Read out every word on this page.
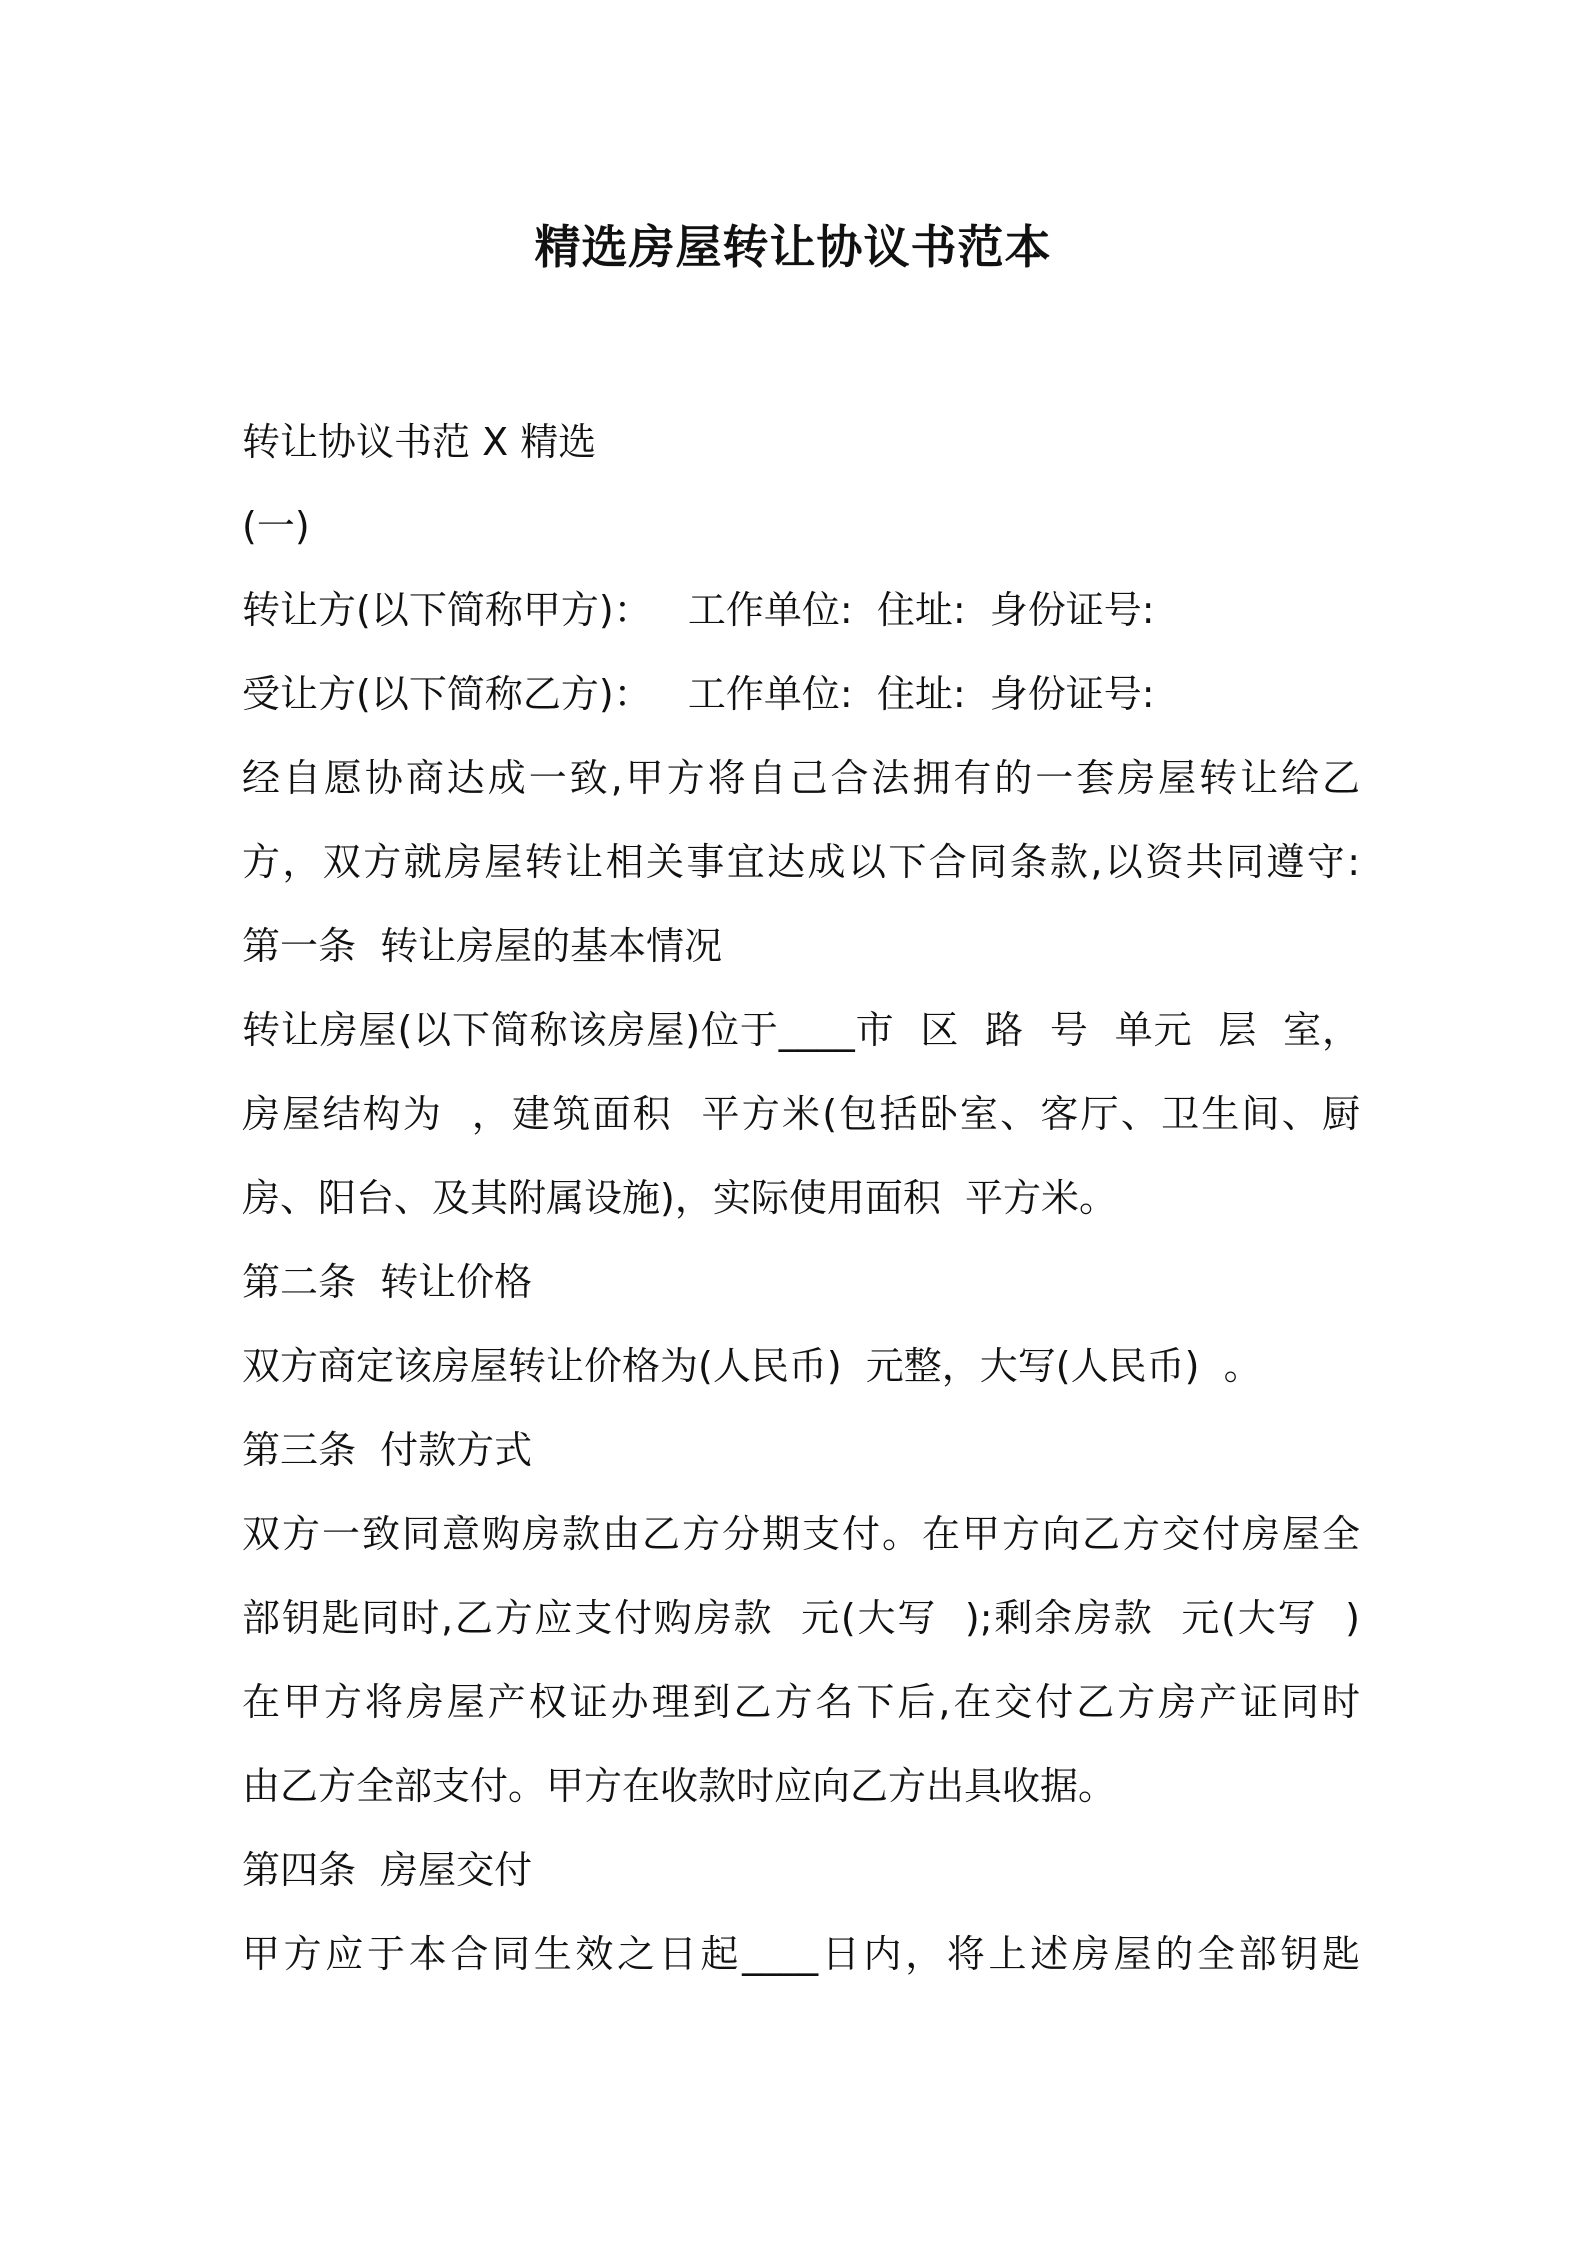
精选房屋转让协议书范本
转让协议书范 X 精选
(一)
转让方(以下简称甲方)：   工作单位:  住址:  身份证号:
受让方(以下简称乙方)：   工作单位:  住址:  身份证号:
经自愿协商达成一致,甲方将自己合法拥有的一套房屋转让给乙
方，双方就房屋转让相关事宜达成以下合同条款,以资共同遵守:
第一条  转让房屋的基本情况
转让房屋(以下简称该房屋)位于____市  区  路  号  单元  层  室，
房屋结构为  ，建筑面积  平方米(包括卧室、客厅、卫生间、厨
房、阳台、及其附属设施)，实际使用面积  平方米。
第二条  转让价格
双方商定该房屋转让价格为(人民币)  元整，大写(人民币)  。
第三条  付款方式
双方一致同意购房款由乙方分期支付。在甲方向乙方交付房屋全
部钥匙同时,乙方应支付购房款  元(大写  );剩余房款  元(大写  )
在甲方将房屋产权证办理到乙方名下后,在交付乙方房产证同时
由乙方全部支付。甲方在收款时应向乙方出具收据。
第四条  房屋交付
甲方应于本合同生效之日起____日内，将上述房屋的全部钥匙
